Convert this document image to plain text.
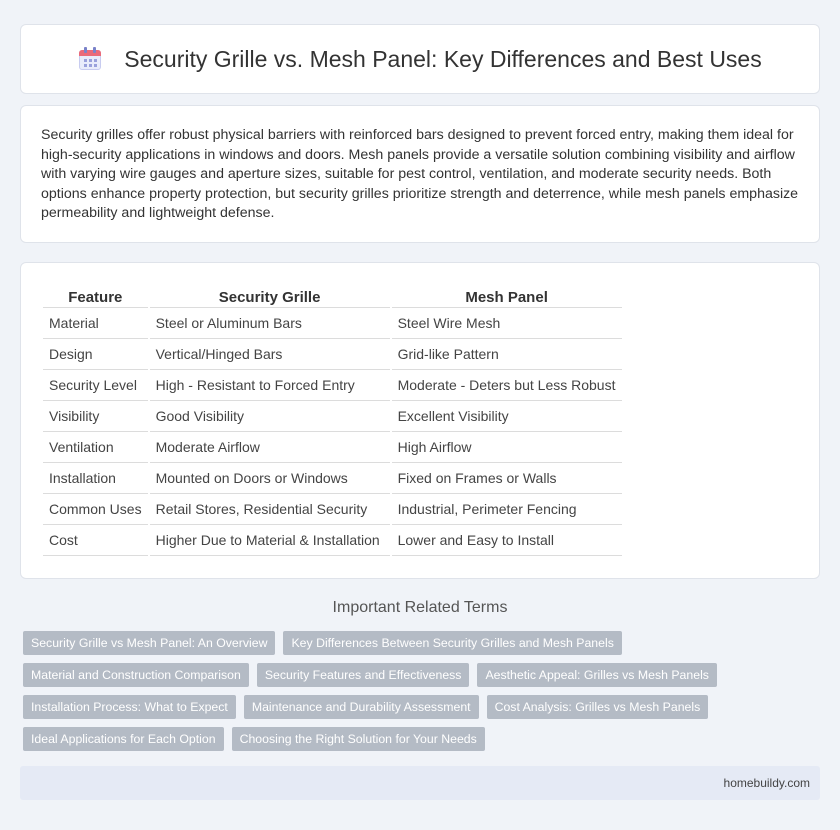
Security Grille vs. Mesh Panel: Key Differences and Best Uses

Security grilles offer robust physical barriers with reinforced bars designed to prevent forced entry, making them ideal for high-security applications in windows and doors. Mesh panels provide a versatile solution combining visibility and airflow with varying wire gauges and aperture sizes, suitable for pest control, ventilation, and moderate security needs. Both options enhance property protection, but security grilles prioritize strength and deterrence, while mesh panels emphasize permeability and lightweight defense.

Feature	Security Grille	Mesh Panel
Material	Steel or Aluminum Bars	Steel Wire Mesh
Design	Vertical/Hinged Bars	Grid-like Pattern
Security Level	High - Resistant to Forced Entry	Moderate - Deters but Less Robust
Visibility	Good Visibility	Excellent Visibility
Ventilation	Moderate Airflow	High Airflow
Installation	Mounted on Doors or Windows	Fixed on Frames or Walls
Common Uses	Retail Stores, Residential Security	Industrial, Perimeter Fencing
Cost	Higher Due to Material & Installation	Lower and Easy to Install
Important Related Terms
Security Grille vs Mesh Panel: An Overview	Key Differences Between Security Grilles and Mesh Panels
Material and Construction Comparison	Security Features and Effectiveness	Aesthetic Appeal: Grilles vs Mesh Panels
Installation Process: What to Expect	Maintenance and Durability Assessment	Cost Analysis: Grilles vs Mesh Panels
Ideal Applications for Each Option	Choosing the Right Solution for Your Needs
homebuildy.com
